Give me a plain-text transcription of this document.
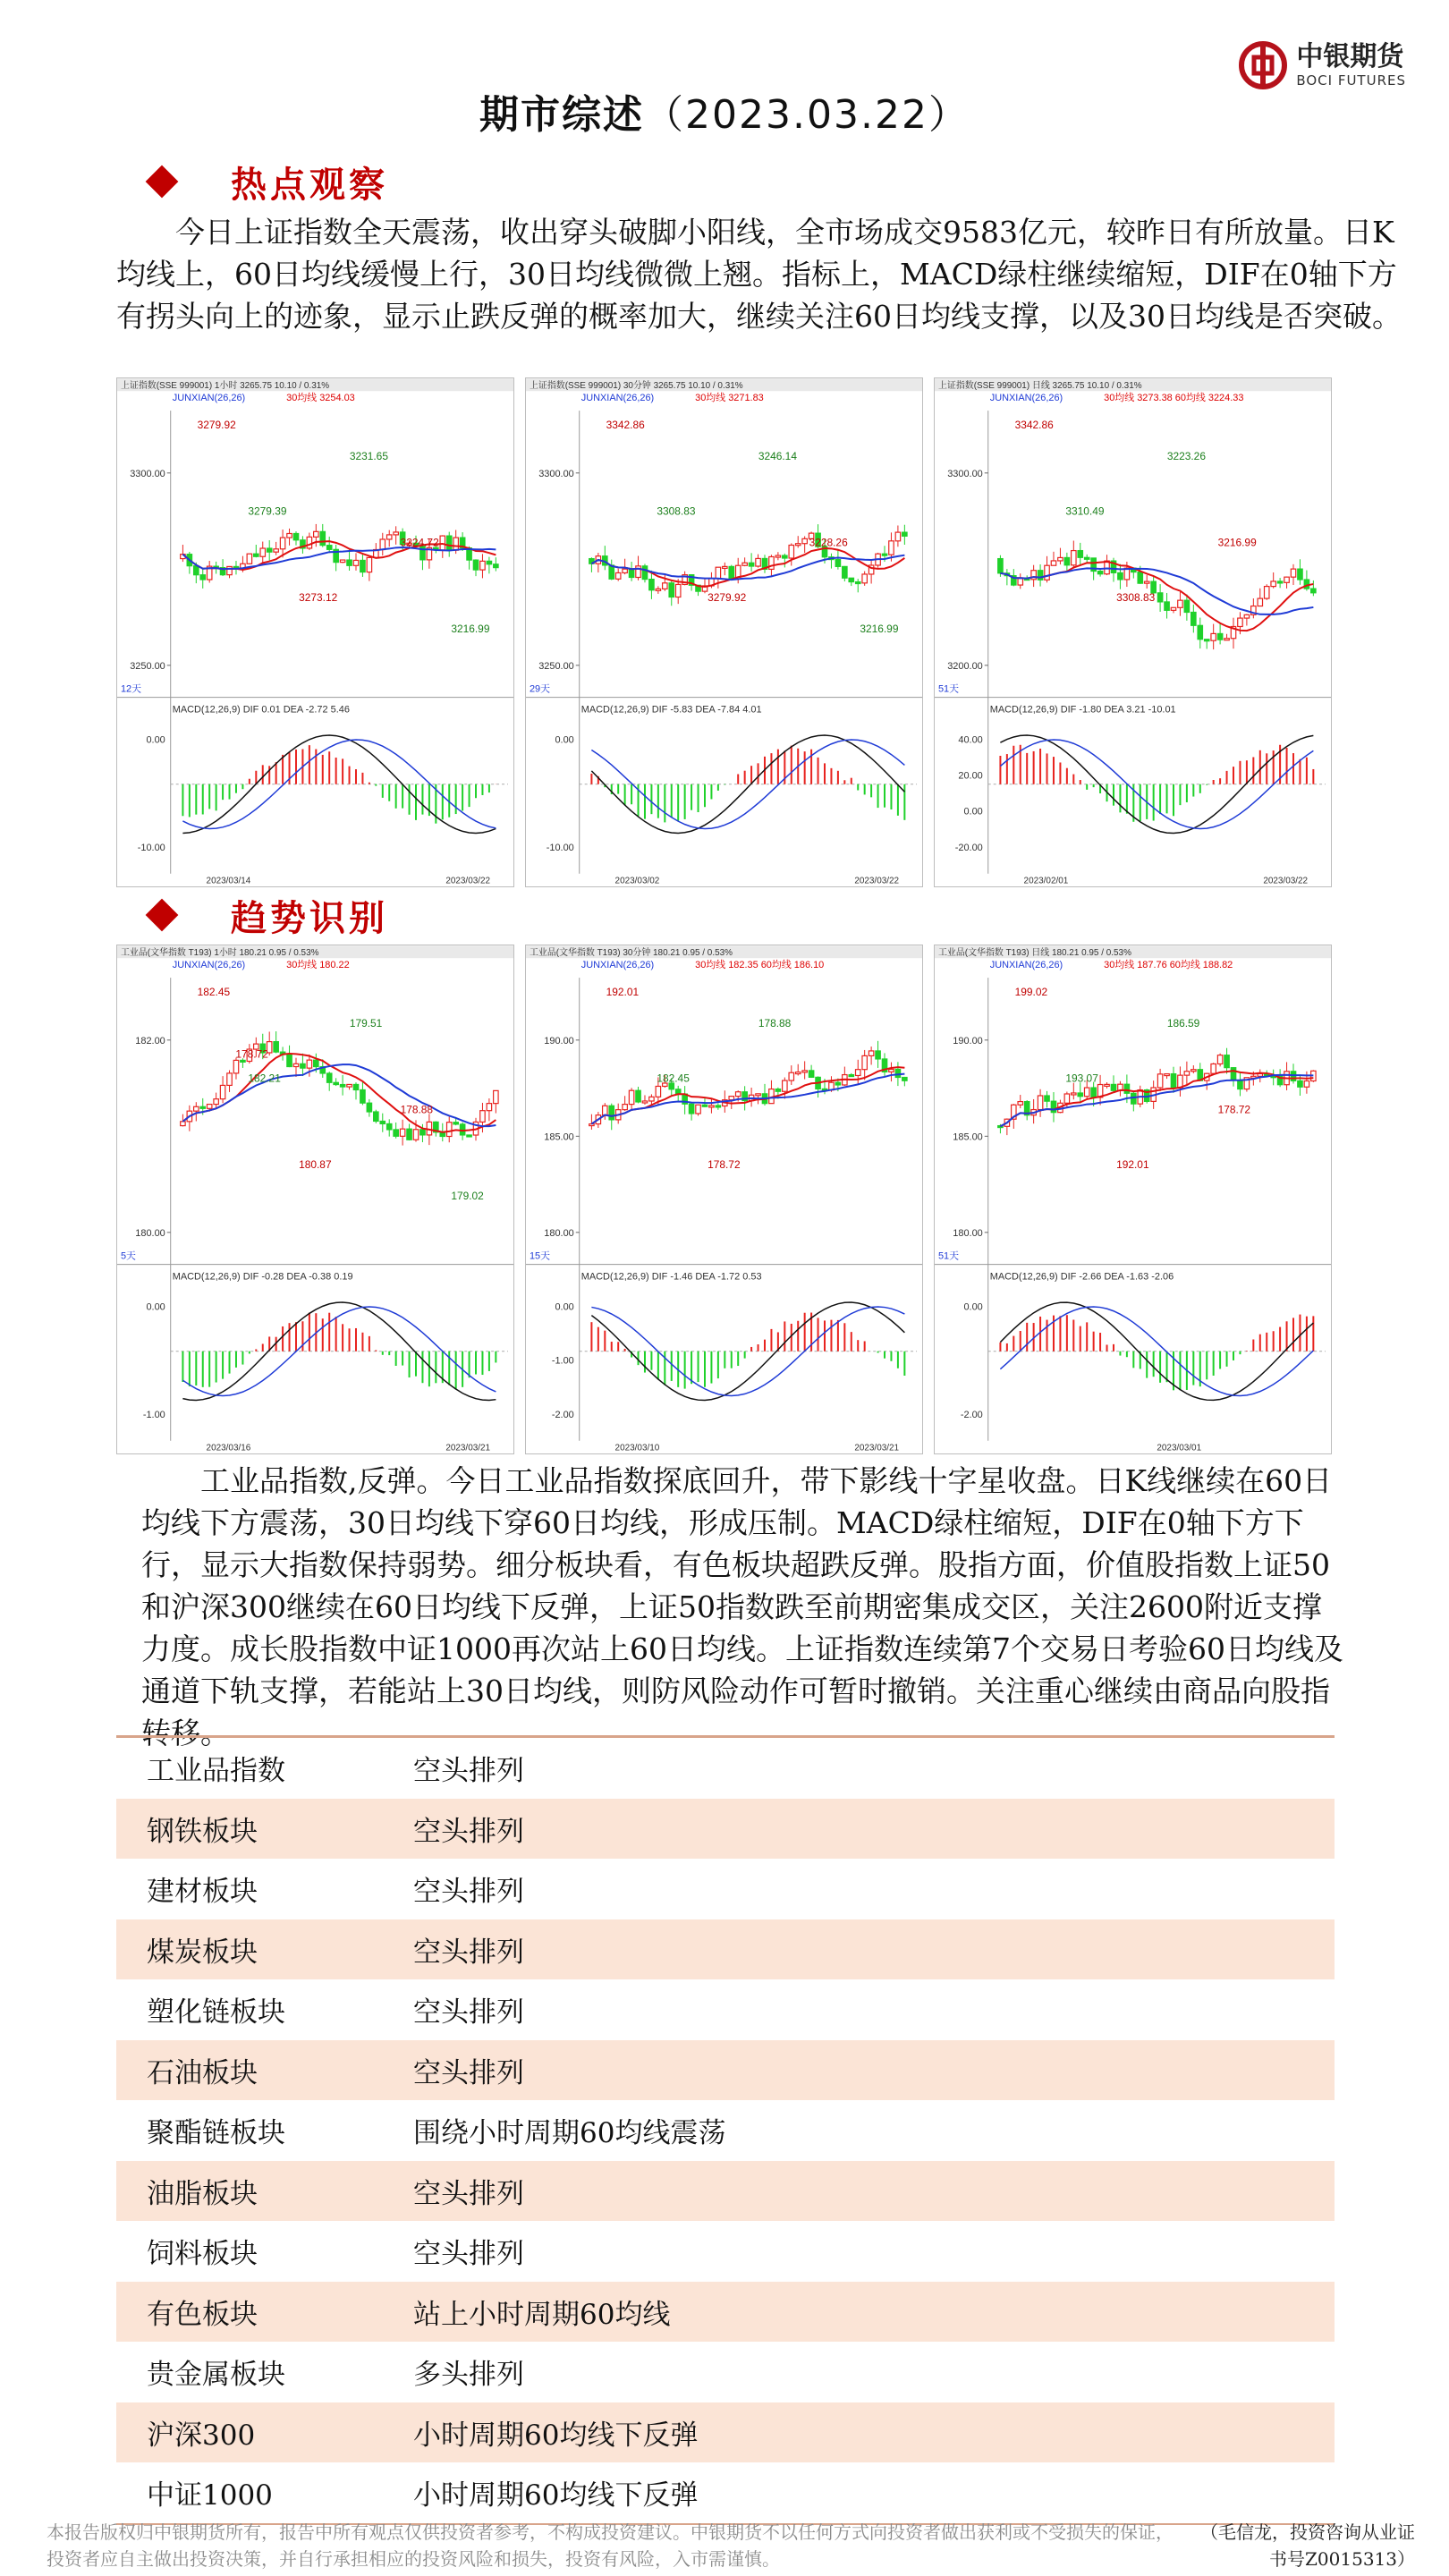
期市综述（2023.03.22）
中银期货
BOCI FUTURES
热点观察
今日上证指数全天震荡，收出穿头破脚小阳线，全市场成交9583亿元，较昨日有所放量。日K均线上，60日均线缓慢上行，30日均线微微上翘。指标上，MACD绿柱继续缩短，DIF在0轴下方有拐头向上的迹象，显示止跌反弹的概率加大，继续关注60日均线支撑，以及30日均线是否突破。
上证指数(SSE 999001) 1小时 3265.75 10.10 / 0.31%
JUNXIAN(26,26)	30均线 3254.03
3300.00
3250.00
3279.92
3279.39
3273.12
3231.65
3224.72
3216.99
12天
MACD(12,26,9) DIF 0.01 DEA -2.72 5.46
0.00
-10.00
2023/03/14	2023/03/22
上证指数(SSE 999001) 30分钟 3265.75 10.10 / 0.31%
JUNXIAN(26,26)	30均线 3271.83
3300.00
3250.00
3342.86
3308.83
3279.92
3246.14
3228.26
3216.99
29天
MACD(12,26,9) DIF -5.83 DEA -7.84 4.01
0.00
-10.00
2023/03/02	2023/03/22
上证指数(SSE 999001) 日线 3265.75 10.10 / 0.31%
JUNXIAN(26,26)	30均线 3273.38 60均线 3224.33
3300.00
3200.00
3342.86
3310.49
3308.83
3223.26
3216.99
51天
MACD(12,26,9) DIF -1.80 DEA 3.21 -10.01
40.00
20.00
0.00
-20.00
2023/02/01	2023/03/22
趋势识别
工业品(文华指数 T193) 1小时 180.21 0.95 / 0.53%
JUNXIAN(26,26)	30均线 180.22
182.00
180.00
182.45
182.21
180.87
179.51
178.88
179.02
178.72
5天
MACD(12,26,9) DIF -0.28 DEA -0.38 0.19
0.00
-1.00
2023/03/16	2023/03/21
工业品(文华指数 T193) 30分钟 180.21 0.95 / 0.53%
JUNXIAN(26,26)	30均线 182.35 60均线 186.10
190.00
185.00
180.00
192.01
182.45
178.72
178.88
15天
MACD(12,26,9) DIF -1.46 DEA -1.72 0.53
0.00
-1.00
-2.00
2023/03/10	2023/03/21
工业品(文华指数 T193) 日线 180.21 0.95 / 0.53%
JUNXIAN(26,26)	30均线 187.76 60均线 188.82
190.00
185.00
180.00
199.02
193.07
192.01
186.59
178.72
51天
MACD(12,26,9) DIF -2.66 DEA -1.63 -2.06
0.00
-2.00
2023/03/01
工业品指数,反弹。今日工业品指数探底回升，带下影线十字星收盘。日K线继续在60日均线下方震荡，30日均线下穿60日均线，形成压制。MACD绿柱缩短，DIF在0轴下方下行，显示大指数保持弱势。细分板块看，有色板块超跌反弹。股指方面，价值股指数上证50和沪深300继续在60日均线下反弹，上证50指数跌至前期密集成交区，关注2600附近支撑力度。成长股指数中证1000再次站上60日均线。上证指数连续第7个交易日考验60日均线及通道下轨支撑，若能站上30日均线，则防风险动作可暂时撤销。关注重心继续由商品向股指转移。
工业品指数	空头排列
钢铁板块	空头排列
建材板块	空头排列
煤炭板块	空头排列
塑化链板块	空头排列
石油板块	空头排列
聚酯链板块	围绕小时周期60均线震荡
油脂板块	空头排列
饲料板块	空头排列
有色板块	站上小时周期60均线
贵金属板块	多头排列
沪深300	小时周期60均线下反弹
中证1000	小时周期60均线下反弹
本报告版权归中银期货所有，报告中所有观点仅供投资者参考，不构成投资建议。中银期货不以任何方式向投资者做出获利或不受损失的保证，投资者应自主做出投资决策，并自行承担相应的投资风险和损失，投资有风险，入市需谨慎。
（毛信龙，投资咨询从业证书号Z0015313）
